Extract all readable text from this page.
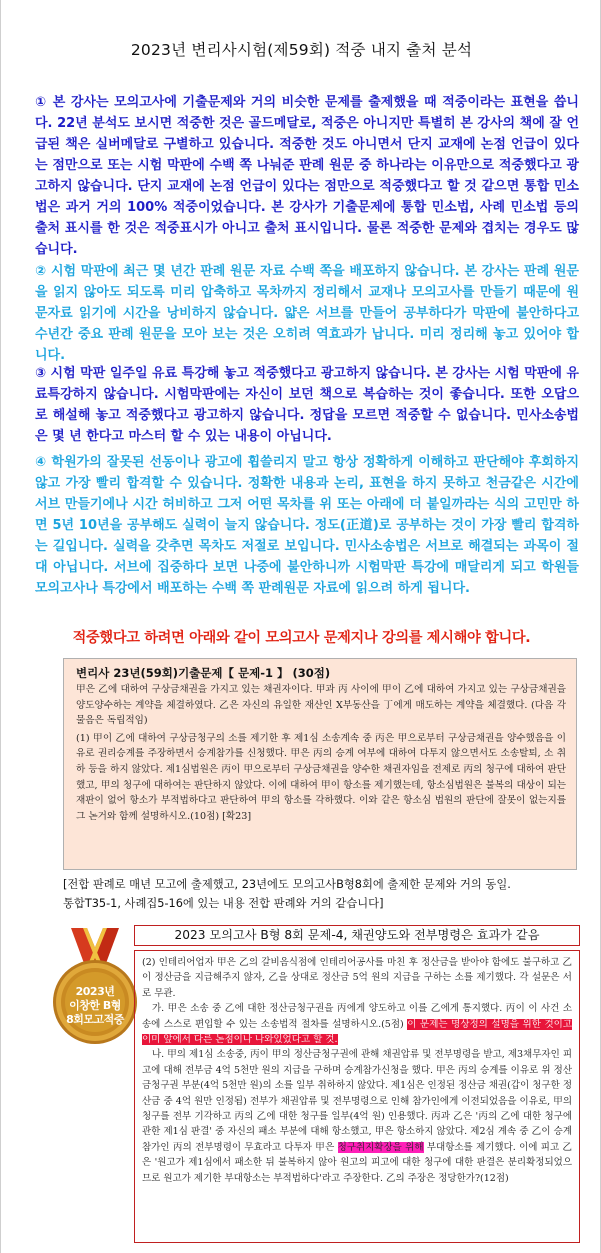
2023년 변리사시험(제59회) 적중 내지 출처 분석

① 본 강사는 모의고사에 기출문제와 거의 비슷한 문제를 출제했을 때 적중이라는 표현을 씁니다. 22년 분석도 보시면 적중한 것은 골드메달로, 적중은 아니지만 특별히 본 강사의 책에 잘 언급된 책은 실버메달로 구별하고 있습니다. 적중한 것도 아니면서 단지 교재에 논점 언급이 있다는 점만으로 또는 시험 막판에 수백 쪽 나눠준 판례 원문 중 하나라는 이유만으로 적중했다고 광고하지 않습니다. 단지 교재에 논점 언급이 있다는 점만으로 적중했다고 할 것 같으면 통합 민소법은 과거 거의 100% 적중이었습니다. 본 강사가 기출문제에 통합 민소법, 사례 민소법 등의 출처 표시를 한 것은 적중표시가 아니고 출처 표시입니다. 물론 적중한 문제와 겹치는 경우도 많습니다.

② 시험 막판에 최근 몇 년간 판례 원문 자료 수백 쪽을 배포하지 않습니다. 본 강사는 판례 원문을 읽지 않아도 되도록 미리 압축하고 목차까지 정리해서 교재나 모의고사를 만들기 때문에 원문자료 읽기에 시간을 낭비하지 않습니다. 얇은 서브를 만들어 공부하다가 막판에 불안하다고 수년간 중요 판례 원문을 모아 보는 것은 오히려 역효과가 납니다. 미리 정리해 놓고 있어야 합니다.

③ 시험 막판 일주일 유료 특강해 놓고 적중했다고 광고하지 않습니다. 본 강사는 시험 막판에 유료특강하지 않습니다. 시험막판에는 자신이 보던 책으로 복습하는 것이 좋습니다. 또한 오답으로 해설해 놓고 적중했다고 광고하지 않습니다. 정답을 모르면 적중할 수 없습니다. 민사소송법은 몇 년 한다고 마스터 할 수 있는 내용이 아닙니다.

④ 학원가의 잘못된 선동이나 광고에 휩쓸리지 말고 항상 정확하게 이해하고 판단해야 후회하지 않고 가장 빨리 합격할 수 있습니다. 정확한 내용과 논리, 표현을 하지 못하고 천금같은 시간에 서브 만들기에나 시간 허비하고 그저 어떤 목차를 위 또는 아래에 더 붙일까라는 식의 고민만 하면 5년 10년을 공부해도 실력이 늘지 않습니다. 정도(正道)로 공부하는 것이 가장 빨리 합격하는 길입니다. 실력을 갖추면 목차도 저절로 보입니다. 민사소송법은 서브로 해결되는 과목이 절대 아닙니다. 서브에 집중하다 보면 나중에 불안하니까 시험막판 특강에 매달리게 되고 학원들 모의고사나 특강에서 배포하는 수백 쪽 판례원문 자료에 읽으려 하게 됩니다.

적중했다고 하려면 아래와 같이 모의고사 문제지나 강의를 제시해야 합니다.
변리사 23년(59회)기출문제【 문제-1 】 (30점)

甲은 乙에 대하여 구상금채권을 가지고 있는 채권자이다. 甲과 丙 사이에 甲이 乙에 대하여 가지고 있는 구상금채권을 양도양수하는 계약을 체결하였다. 乙은 자신의 유일한 재산인 X부동산을 丁에게 매도하는 계약을 체결했다. (다음 각 물음은 독립적임)

(1) 甲이 乙에 대하여 구상금청구의 소를 제기한 후 제1심 소송계속 중 丙은 甲으로부터 구상금채권을 양수했음을 이유로 권리승계를 주장하면서 승계참가를 신청했다. 甲은 丙의 승계 여부에 대하여 다투지 않으면서도 소송탈퇴, 소 취하 등을 하지 않았다. 제1심법원은 丙이 甲으로부터 구상금채권을 양수한 채권자임을 전제로 丙의 청구에 대하여 판단했고, 甲의 청구에 대하여는 판단하지 않았다. 이에 대하여 甲이 항소를 제기했는데, 항소심법원은 불복의 대상이 되는 재판이 없어 항소가 부적법하다고 판단하여 甲의 항소를 각하했다. 이와 같은 항소심 법원의 판단에 잘못이 없는지를 그 논거와 함께 설명하시오.(10점) [확23]

[전합 판례로 매년 모고에 출제했고, 23년에도 모의고사B형8회에 출제한 문제와 거의 동일.
통합T35-1, 사례집5-16에 있는 내용 전합 판례와 거의 같습니다]
2023년
이창한 B형
8회모고적중
2023 모의고사 B형 8회 문제-4, 채권양도와 전부명령은 효과가 같음

(2) 인테리어업자 甲은 乙의 갈비음식점에 인테리어공사를 마친 후 정산금을 받아야 함에도 불구하고 乙이 정산금을 지급해주지 않자, 乙을 상대로 정산금 5억 원의 지급을 구하는 소를 제기했다. 각 설문은 서로 무관.

가. 甲은 소송 중 乙에 대한 정산금청구권을 丙에게 양도하고 이를 乙에게 통지했다. 丙이 이 사건 소송에 스스로 편입할 수 있는 소송법적 절차를 설명하시오.(5점) 이 문제는 명상정의 설명을 위한 것이고 이미 앞에서 다른 논점이나 나와있었다고 할 것.

나. 甲의 제1심 소송중, 丙이 甲의 정산금청구권에 관해 채권압류 및 전부명령을 받고, 제3채무자인 피고에 대해 전부금 4억 5천만 원의 지급을 구하며 승계참가신청을 했다. 甲은 丙의 승계를 이유로 위 정산금청구권 부분(4억 5천만 원)의 소를 일부 취하하지 않았다. 제1심은 인정된 정산금 채권(갑이 청구한 정산금 중 4억 원만 인정됨) 전부가 채권압류 및 전부명령으로 인해 참가인에게 이전되었음을 이유로, 甲의 청구를 전부 기각하고 丙의 乙에 대한 청구를 일부(4억 원) 인용했다. 丙과 乙은 '丙의 乙에 대한 청구에 관한 제1심 판결' 중 자신의 패소 부분에 대해 항소했고, 甲은 항소하지 않았다. 제2심 계속 중 乙이 승계참가인 丙의 전부명령이 무효라고 다투자 甲은 청구취지확장을 위해 부대항소를 제기했다. 이에 피고 乙은 '원고가 제1심에서 패소한 뒤 불복하지 않아 원고의 피고에 대한 청구에 대한 판결은 분리확정되었으므로 원고가 제기한 부대항소는 부적법하다'라고 주장한다. 乙의 주장은 정당한가?(12점)
